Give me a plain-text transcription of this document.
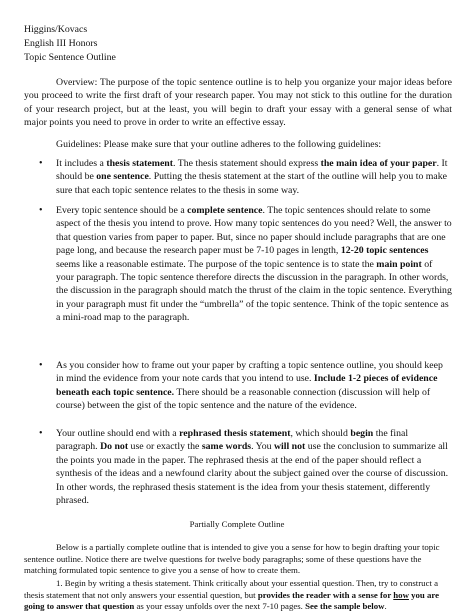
Higgins/Kovacs
English III Honors
Topic Sentence Outline

Overview: The purpose of the topic sentence outline is to help you organize your major ideas before you proceed to write the first draft of your research paper. You may not stick to this outline for the duration of your research project, but at the least, you will begin to draft your essay with a general sense of what major points you need to prove in order to write an effective essay.

Guidelines: Please make sure that your outline adheres to the following guidelines:

• It includes a thesis statement. The thesis statement should express the main idea of your paper. It should be one sentence. Putting the thesis statement at the start of the outline will help you to make sure that each topic sentence relates to the thesis in some way.

• Every topic sentence should be a complete sentence. The topic sentences should relate to some aspect of the thesis you intend to prove. How many topic sentences do you need? Well, the answer to that question varies from paper to paper. But, since no paper should include paragraphs that are one page long, and because the research paper must be 7-10 pages in length, 12-20 topic sentences seems like a reasonable estimate. The purpose of the topic sentence is to state the main point of your paragraph. The topic sentence therefore directs the discussion in the paragraph. In other words, the discussion in the paragraph should match the thrust of the claim in the topic sentence. Everything in your paragraph must fit under the “umbrella” of the topic sentence. Think of the topic sentence as a mini-road map to the paragraph.

• As you consider how to frame out your paper by crafting a topic sentence outline, you should keep in mind the evidence from your note cards that you intend to use. Include 1-2 pieces of evidence beneath each topic sentence. There should be a reasonable connection (discussion will help of course) between the gist of the topic sentence and the nature of the evidence.

• Your outline should end with a rephrased thesis statement, which should begin the final paragraph. Do not use or exactly the same words. You will not use the conclusion to summarize all the points you made in the paper. The rephrased thesis at the end of the paper should reflect a synthesis of the ideas and a newfound clarity about the subject gained over the course of discussion. In other words, the rephrased thesis statement is the idea from your thesis statement, differently phrased.

Partially Complete Outline

Below is a partially complete outline that is intended to give you a sense for how to begin drafting your topic sentence outline. Notice there are twelve questions for twelve body paragraphs; some of these questions have the matching formulated topic sentence to give you a sense of how to create them.

1. Begin by writing a thesis statement. Think critically about your essential question. Then, try to construct a thesis statement that not only answers your essential question, but provides the reader with a sense for how you are going to answer that question as your essay unfolds over the next 7-10 pages. See the sample below.
